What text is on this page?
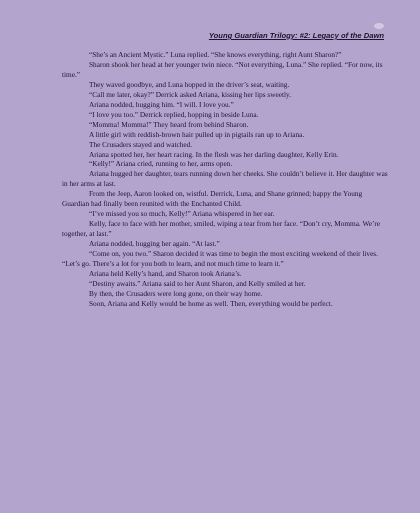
Young Guardian Trilogy: #2: Legacy of the Dawn

“She’s an Ancient Mystic.” Luna replied. “She knows everything, right Aunt Sharon?”

Sharon shook her head at her younger twin niece. “Not everything, Luna.” She replied. “For now, its time.”

They waved goodbye, and Luna hopped in the driver’s seat, waiting.

“Call me later, okay?” Derrick asked Ariana, kissing her lips sweetly.

Ariana nodded, hugging him. “I will. I love you.”

“I love you too.” Derrick replied, hopping in beside Luna.

“Momma! Momma!” They heard from behind Sharon.

A little girl with reddish-brown hair pulled up in pigtails ran up to Ariana.

The Crusaders stayed and watched.

Ariana spotted her, her heart racing. In the flesh was her darling daughter, Kelly Erin.

“Kelly!” Ariana cried, running to her, arms open.

Ariana hugged her daughter, tears running down her cheeks. She couldn’t believe it. Her daughter was in her arms at last.

From the Jeep, Aaron looked on, wistful. Derrick, Luna, and Shane grinned; happy the Young Guardian had finally been reunited with the Enchanted Child.

“I’ve missed you so much, Kelly!” Ariana whispered in her ear.

Kelly, face to face with her mother, smiled, wiping a tear from her face. “Don’t cry, Momma. We’re together, at last.”

Ariana nodded, hugging her again. “At last.”

“Come on, you two.” Sharon decided it was time to begin the most exciting weekend of their lives. “Let’s go. There’s a lot for you both to learn, and not much time to learn it.”

Ariana held Kelly’s hand, and Sharon took Ariana’s.

“Destiny awaits.” Ariana said to her Aunt Sharon, and Kelly smiled at her.

By then, the Crusaders were long gone, on their way home.

Soon, Ariana and Kelly would be home as well. Then, everything would be perfect.
